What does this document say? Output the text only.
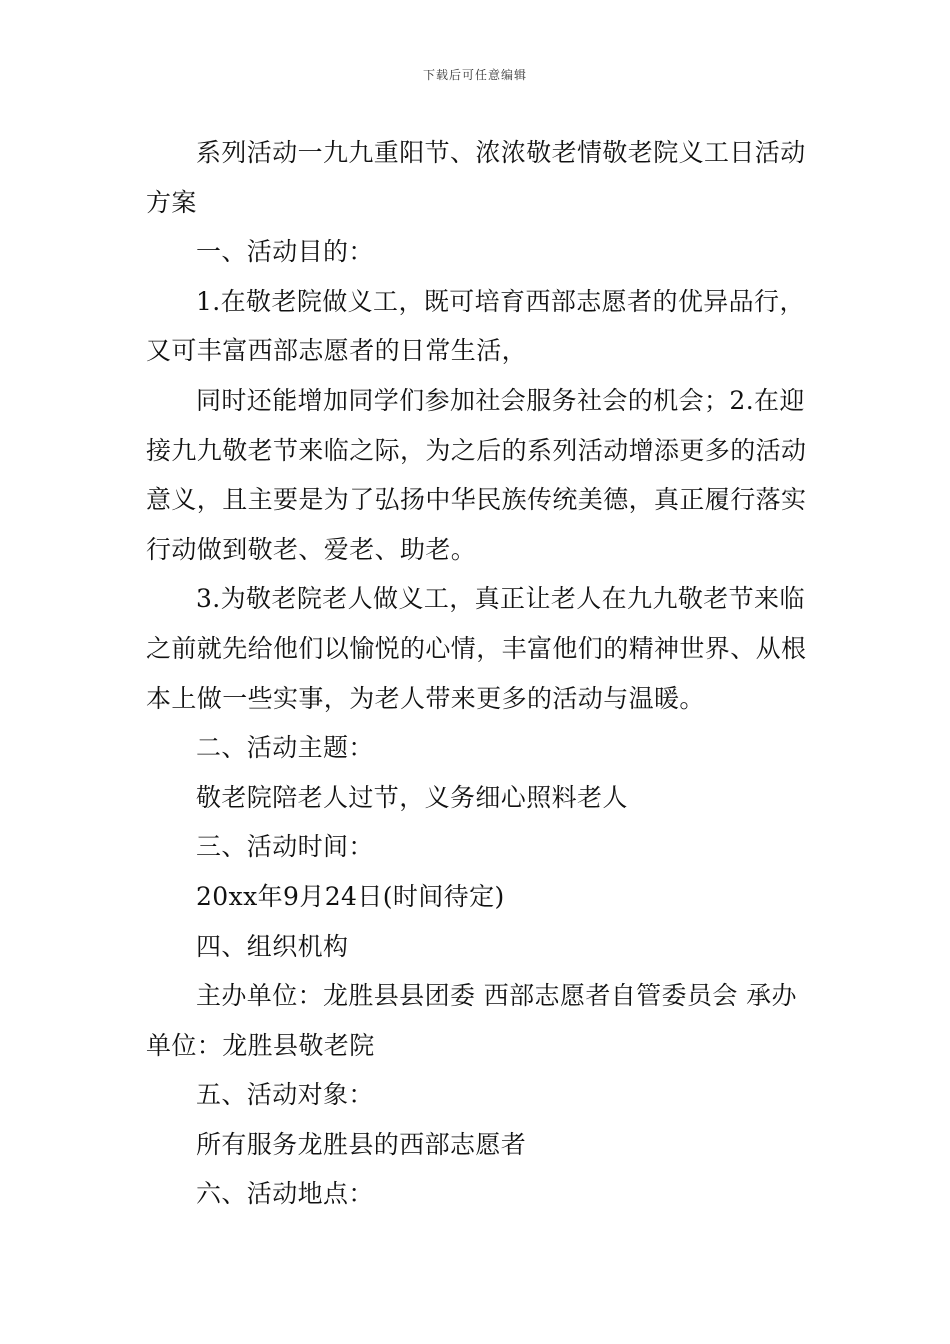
下载后可任意编辑

系列活动一九九重阳节、浓浓敬老情敬老院义工日活动方案

一、活动目的：

1.在敬老院做义工，既可培育西部志愿者的优异品行，又可丰富西部志愿者的日常生活，

同时还能增加同学们参加社会服务社会的机会；2.在迎接九九敬老节来临之际，为之后的系列活动增添更多的活动意义，且主要是为了弘扬中华民族传统美德，真正履行落实行动做到敬老、爱老、助老。

3.为敬老院老人做义工，真正让老人在九九敬老节来临之前就先给他们以愉悦的心情，丰富他们的精神世界、从根本上做一些实事，为老人带来更多的活动与温暖。

二、活动主题：

敬老院陪老人过节，义务细心照料老人

三、活动时间：

20xx年9月24日(时间待定)

四、组织机构

主办单位：龙胜县县团委 西部志愿者自管委员会 承办单位：龙胜县敬老院

五、活动对象：

所有服务龙胜县的西部志愿者

六、活动地点：
